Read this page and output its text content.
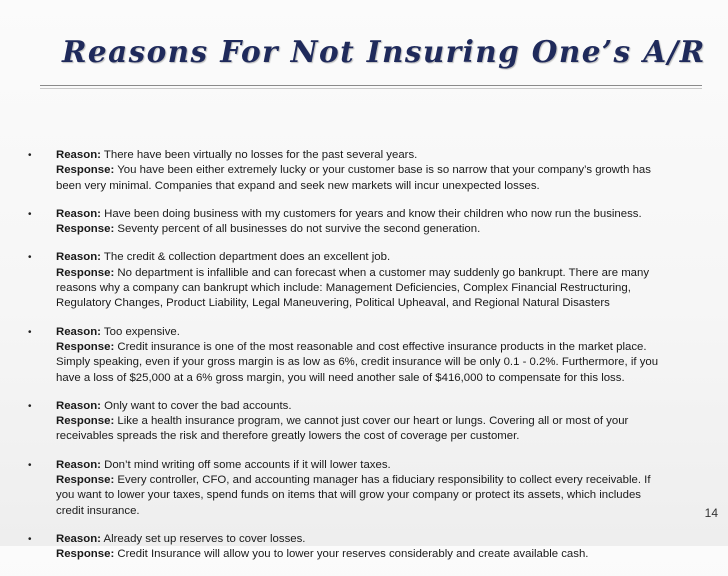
Reasons For Not Insuring One’s A/R
• Reason: There have been virtually no losses for the past several years.
Response: You have been either extremely lucky or your customer base is so narrow that your company’s growth has
been very minimal. Companies that expand and seek new markets will incur unexpected losses.
• Reason: Have been doing business with my customers for years and know their children who now run the business.
Response: Seventy percent of all businesses do not survive the second generation.
• Reason: The credit & collection department does an excellent job.
Response: No department is infallible and can forecast when a customer may suddenly go bankrupt. There are many
reasons why a company can bankrupt which include: Management Deficiencies, Complex Financial Restructuring,
Regulatory Changes, Product Liability, Legal Maneuvering, Political Upheaval, and Regional Natural Disasters
• Reason: Too expensive.
Response: Credit insurance is one of the most reasonable and cost effective insurance products in the market place.
Simply speaking, even if your gross margin is as low as 6%, credit insurance will be only 0.1 - 0.2%. Furthermore, if you
have a loss of $25,000 at a 6% gross margin, you will need another sale of $416,000 to compensate for this loss.
• Reason: Only want to cover the bad accounts.
Response: Like a health insurance program, we cannot just cover our heart or lungs. Covering all or most of your
receivables spreads the risk and therefore greatly lowers the cost of coverage per customer.
• Reason: Don’t mind writing off some accounts if it will lower taxes.
Response: Every controller, CFO, and accounting manager has a fiduciary responsibility to collect every receivable. If
you want to lower your taxes, spend funds on items that will grow your company or protect its assets, which includes
credit insurance.
• Reason: Already set up reserves to cover losses.
Response: Credit Insurance will allow you to lower your reserves considerably and create available cash.
14
